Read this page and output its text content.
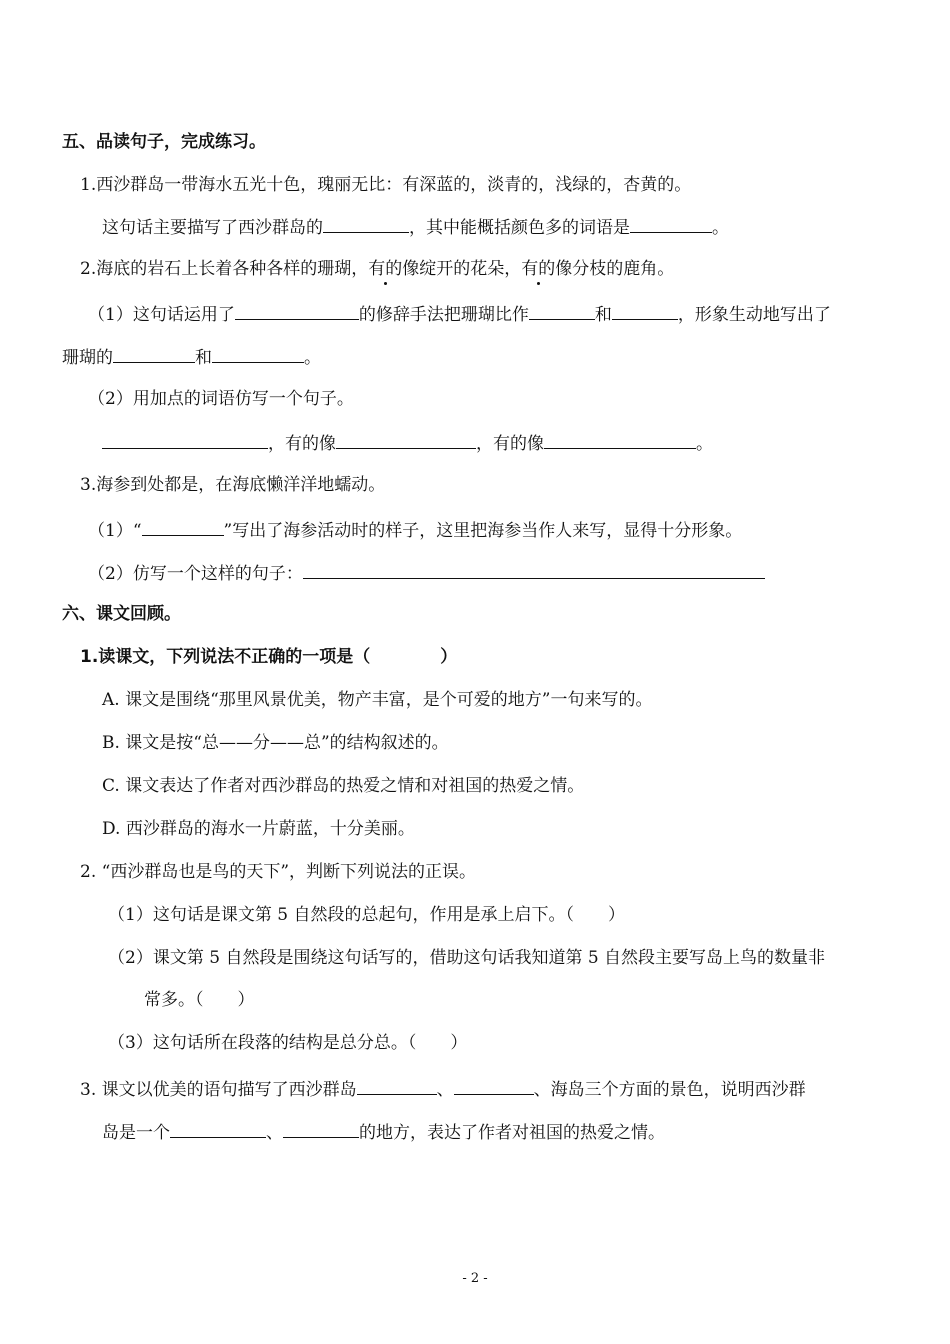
五、品读句子，完成练习。
1.西沙群岛一带海水五光十色，瑰丽无比：有深蓝的，淡青的，浅绿的，杏黄的。
这句话主要描写了西沙群岛的	，其中能概括颜色多的词语是	。
2.海底的岩石上长着各种各样的珊瑚，有的像绽开的花朵，有的像分枝的鹿角。
（1）这句话运用了	的修辞手法把珊瑚比作	和	，形象生动地写出了
珊瑚的	和	。
（2）用加点的词语仿写一个句子。
，有的像	，有的像	。
3.海参到处都是，在海底懒洋洋地蠕动。
（1）“	”写出了海参活动时的样子，这里把海参当作人来写，显得十分形象。
（2）仿写一个这样的句子：
六、课文回顾。
1.读课文，下列说法不正确的一项是（	）
A. 课文是围绕“那里风景优美，物产丰富，是个可爱的地方”一句来写的。
B. 课文是按“总——分——总”的结构叙述的。
C. 课文表达了作者对西沙群岛的热爱之情和对祖国的热爱之情。
D. 西沙群岛的海水一片蔚蓝，十分美丽。
2. “西沙群岛也是鸟的天下”，判断下列说法的正误。
（1）这句话是课文第 5 自然段的总起句，作用是承上启下。（　　）
（2）课文第 5 自然段是围绕这句话写的，借助这句话我知道第 5 自然段主要写岛上鸟的数量非
常多。（　　）
（3）这句话所在段落的结构是总分总。（　　）
3. 课文以优美的语句描写了西沙群岛	、	、海岛三个方面的景色，说明西沙群
岛是一个	、	的地方，表达了作者对祖国的热爱之情。
- 2 -
